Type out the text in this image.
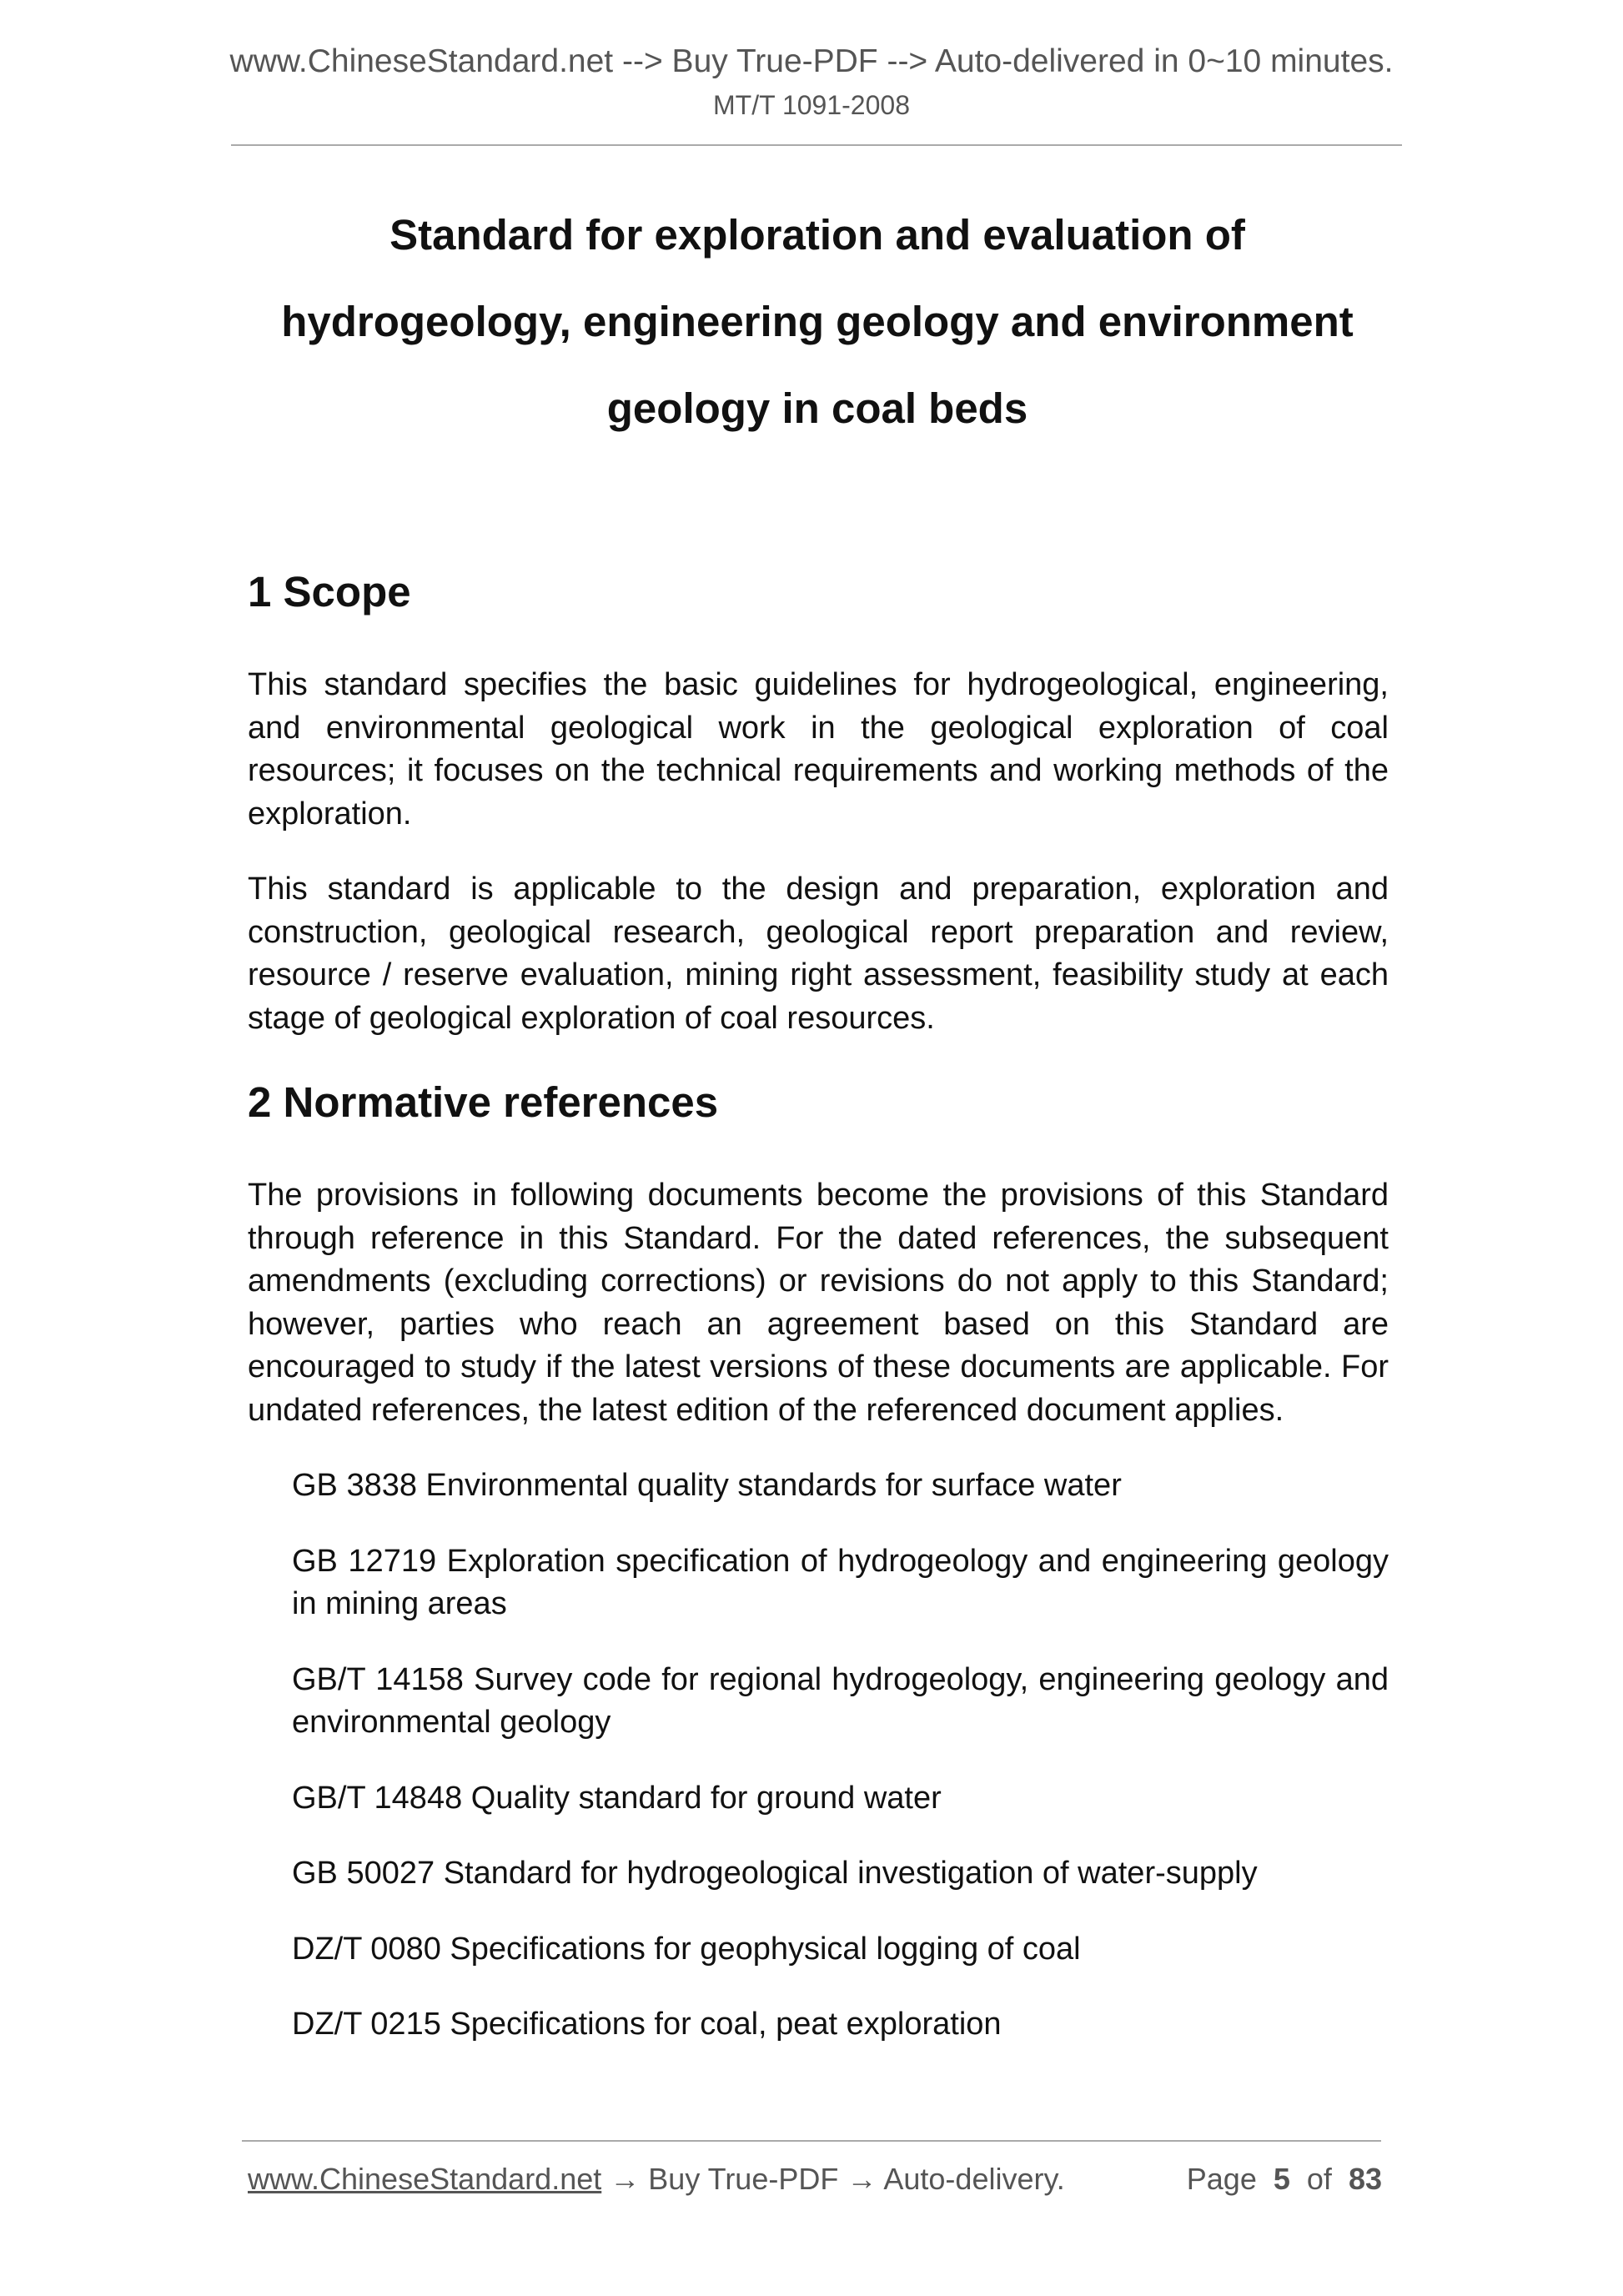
www.ChineseStandard.net --> Buy True-PDF --> Auto-delivered in 0~10 minutes.
MT/T 1091-2008
Standard for exploration and evaluation of
hydrogeology, engineering geology and environment
geology in coal beds
1 Scope

This standard specifies the basic guidelines for hydrogeological, engineering, and environmental geological work in the geological exploration of coal resources; it focuses on the technical requirements and working methods of the exploration.

This standard is applicable to the design and preparation, exploration and construction, geological research, geological report preparation and review, resource / reserve evaluation, mining right assessment, feasibility study at each stage of geological exploration of coal resources.

2 Normative references

The provisions in following documents become the provisions of this Standard through reference in this Standard. For the dated references, the subsequent amendments (excluding corrections) or revisions do not apply to this Standard; however, parties who reach an agreement based on this Standard are encouraged to study if the latest versions of these documents are applicable. For undated references, the latest edition of the referenced document applies.

GB 3838 Environmental quality standards for surface water

GB 12719 Exploration specification of hydrogeology and engineering geology in mining areas

GB/T 14158 Survey code for regional hydrogeology, engineering geology and environmental geology

GB/T 14848 Quality standard for ground water

GB 50027 Standard for hydrogeological investigation of water-supply

DZ/T 0080 Specifications for geophysical logging of coal

DZ/T 0215 Specifications for coal, peat exploration

www.ChineseStandard.net → Buy True-PDF → Auto-delivery.	Page 5 of 83
